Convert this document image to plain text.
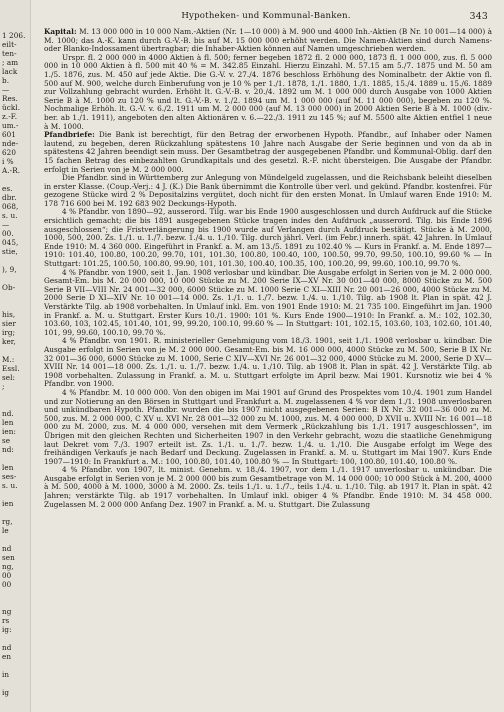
1 206.
eilt-
ten-
; am
lack
b.
—
Res.
ückl.
z.-F.
um.-
601
nde-
620
i %
A.-R.
es.
dbr.
068,
s. u.
—
00.
045,
stie,
), 9,
Ob-
his,
sier
irg;
ker,
M.:
Essl.
sel:
;
nd.
len
ien:
se
nd:
len
ses-
s. u.
ien
rg,
le
nd
sen
ng,
00
00
ng
rs
ig:
nd
en
in
ig
Hypotheken- und Kommunal-Banken.	343

Kapital: M. 13 000 000 in 10 000 Nam.-Aktien (Nr. 1—10 000) à M. 900 und 4000 Inh.-Aktien (B Nr. 10 001—14 000) à M. 1000; das A.-K. kann durch G.-V.-B. bis auf M. 15 000 000 erhöht werden. Die Namen-Aktien sind durch Namens- oder Blanko-Indossament übertragbar; die Inhaber-Aktien können auf Namen umgeschrieben werden.

Urspr. fl. 2 000 000 in 4000 Aktien à fl. 500; ferner begeben 1872 fl. 2 000 000, 1873 fl. 1 000 000, zus. fl. 5 000 000 in 10 000 Aktien à fl. 500 mit 40 % = M. 342.85 Einzahl. Hierzu Einzahl. M. 57.15 am 5./7. 1875 und M. 50 am 1./5. 1876, zus. M. 450 auf jede Aktie. Die G.-V. v. 27./4. 1876 beschloss Erhöhung des Nominalbetr. der Aktie von fl. 500 auf M. 900, welche durch Einberufung von je 10 % per 1./1. 1878, 1./1. 1880, 1./1. 1885, 15./4. 1889 u. 15./6. 1889 zur Vollzahlung gebracht wurden. Erhöht lt. G.-V.-B. v. 20./4. 1892 um M. 1 000 000 durch Ausgabe von 1000 Aktien Serie B à M. 1000 zu 120 % und lt. G.-V.-B. v. 1./2. 1894 um M. 1 000 000 (auf M. 11 000 000), begeben zu 120 %. Nochmalige Erhöh. lt. G.-V. v. 6./2. 1911 um M. 2 000 000 (auf M. 13 000 000) in 2000 Aktien Serie B à M. 1000 (div.-ber. ab 1./1. 1911), angeboten den alten Aktionären v. 6.—22./3. 1911 zu 145 %; auf M. 5500 alte Aktien entfiel 1 neue à M. 1000.

Pfandbriefe: Die Bank ist berechtigt, für den Betrag der erworbenen Hypoth. Pfandbr., auf Inhaber oder Namen lautend, zu begeben, deren Rückzahlung spätestens 10 Jahre nach Ausgabe der Serie beginnen und von da ab in spätestens 42 Jahren beendigt sein muss. Der Gesamtbetrag der ausgegebenen Pfandbr. und Kommunal-Oblig. darf den 15 fachen Betrag des einbezahlten Grundkapitals und des gesetzl. R.-F. nicht übersteigen. Die Ausgabe der Pfandbr. erfolgt in Serien von je M. 2 000 000.

Die Pfandbr. sind in Württemberg zur Anlegung von Mündelgeld zugelassen, und die Reichsbank beleiht dieselben in erster Klasse. (Coup.-Verj.: 4 J. (K.) Die Bank übernimmt die Kontrolle über verl. und gekünd. Pfandbr. kostenfrei. Für gezogene Stücke wird 2 % Depositalzins vergütet, doch nicht für den ersten Monat. In Umlauf waren Ende 1910: M. 178 716 600 bei M. 192 683 902 Deckungs-Hypoth.

4 % Pfandbr. von 1890—92, ausserord. Tilg. war bis Ende 1900 ausgeschlossen und durch Aufdruck auf die Stücke ersichtlich gemacht; die bis 1891 ausgegebenen Stücke tragen indes den Aufdruck „ausserord. Tilg. bis Ende 1896 ausgeschlossen“; die Fristverlängerung bis 1900 wurde auf Verlangen durch Aufdruck bestätigt. Stücke à M. 2000, 1000, 500, 200. Zs. 1./1. u. 1./7. bezw. 1./4. u. 1./10. Tilg. durch jährl. Verl. (im Febr.) innerh. spät. 42 Jahren. In Umlauf Ende 1910: M. 4 360 000. Eingeführt in Frankf. a. M. am 13./5. 1891 zu 102.40 % — Kurs in Frankf. a. M. Ende 1897—1910: 101.40, 100.80, 100.20, 99.70, 101, 101.30, 100.80, 100.40, 100, 100.50, 99.70, 99.50, 100.10, 99.60 % — In Stuttgart: 101.25, 100.50, 100.80, 99.90, 101, 101.30, 100.40, 100.35, 100, 100.20, 99, 99.60, 100.10, 99.70 %.

4 % Pfandbr. von 1900, seit 1. Jan. 1908 verlosbar und kündbar. Die Ausgabe erfolgt in Serien von je M. 2 000 000. Gesamt-Em. bis M. 20 000 000, 10 000 Stücke zu M. 200 Serie IX—XV Nr. 30 001—40 000, 8000 Stücke zu M. 500 Serie B VII—VIII Nr. 24 001—32 000, 6000 Stücke zu M. 1000 Serie C XI—XIII Nr. 20 001—26 000, 4000 Stücke zu M. 2000 Serie D XI—XIV Nr. 10 001—14 000. Zs. 1./1. u. 1./7. bezw. 1./4. u. 1./10. Tilg. ab 1908 lt. Plan in spät. 42 J. Verstärkte Tilg. ab 1908 vorbehalten. In Umlauf inkl. Em. von 1901 Ende 1910: M. 21 735 100. Eingeführt im Jan. 1900 in Frankf. a. M. u. Stuttgart. Erster Kurs 10./1. 1900: 101 %. Kurs Ende 1900—1910: In Frankf. a. M.: 102, 102.30, 103.60, 103, 102.45, 101.40, 101, 99, 99.20, 100.10, 99.60 % — In Stuttgart: 101, 102.15, 103.60, 103, 102.60, 101.40, 101, 99, 99.60, 100.10, 99.70 %.

4 % Pfandbr. von 1901. R. ministerieller Genehmigung vom 18./3. 1901, seit 1./1. 1908 verlosbar u. kündbar. Die Ausgabe erfolgt in Serien von je M. 2 000 000. Gesamt-Em. bis M. 16 000 000, 4000 Stücke zu M. 500, Serie B IX Nr. 32 001—36 000, 6000 Stücke zu M. 1000, Serie C XIV—XVI Nr. 26 001—32 000, 4000 Stücke zu M. 2000, Serie D XV—XVIII Nr. 14 001—18 000. Zs. 1./1. u. 1./7. bezw. 1./4. u. 1./10. Tilg. ab 1908 lt. Plan in spät. 42 J. Verstärkte Tilg. ab 1908 vorbehalten. Zulassung in Frankf. a. M. u. Stuttgart erfolgte im April bezw. Mai 1901. Kursnotiz wie bei 4 % Pfandbr. von 1900.

4 % Pfandbr. M. 10 000 000. Von den obigen im Mai 1901 auf Grund des Prospektes vom 10./4. 1901 zum Handel und zur Notierung an den Börsen in Stuttgart und Frankfurt a. M. zugelassenen 4 % vor dem 1./1. 1908 unverlosbaren und unkündbaren Hypoth. Pfandbr. wurden die bis 1907 nicht ausgegebenen Serien: B IX Nr. 32 001—36 000 zu M. 500, zus. M. 2 000 000, C XV u. XVI Nr. 28 001—32 000 zu M. 1000, zus. M. 4 000 000, D XVII u. XVIII Nr. 16 001—18 000 zu M. 2000, zus. M. 4 000 000, versehen mit dem Vermerk „Rückzahlung bis 1./1. 1917 ausgeschlossen“, im Übrigen mit den gleichen Rechten und Sicherheiten 1907 in den Verkehr gebracht, wozu die staatliche Genehmigung laut Dekret vom 7./3. 1907 erteilt ist. Zs. 1./1. u. 1./7. bezw. 1./4. u. 1./10. Die Ausgabe erfolgt im Wege des freihändigen Verkaufs je nach Bedarf und Deckung. Zugelassen in Frankf. a. M. u. Stuttgart im Mai 1907. Kurs Ende 1907—1910: In Frankfurt a. M.: 100, 100.80, 101.40, 100.80 % — In Stuttgart: 100, 100.80, 101.40, 100.80 %.

4 % Pfandbr. von 1907, lt. minist. Genehm. v. 18./4. 1907, vor dem 1./1. 1917 unverlosbar u. unkündbar. Die Ausgabe erfolgt in Serien von je M. 2 000 000 bis zum Gesamtbetrage von M. 14 000 000; 10 000 Stück à M. 200, 4000 à M. 500, 4000 à M. 1000, 3000 à M. 2000. Zs. teils 1./1. u. 1./7., teils 1./4. u. 1./10. Tilg. ab 1917 lt. Plan in spät. 42 Jahren; verstärkte Tilg. ab 1917 vorbehalten. In Umlauf inkl. obiger 4 % Pfandbr. Ende 1910: M. 34 458 000. Zugelassen M. 2 000 000 Anfang Dez. 1907 in Frankf. a. M. u. Stuttgart. Die Zulassung
